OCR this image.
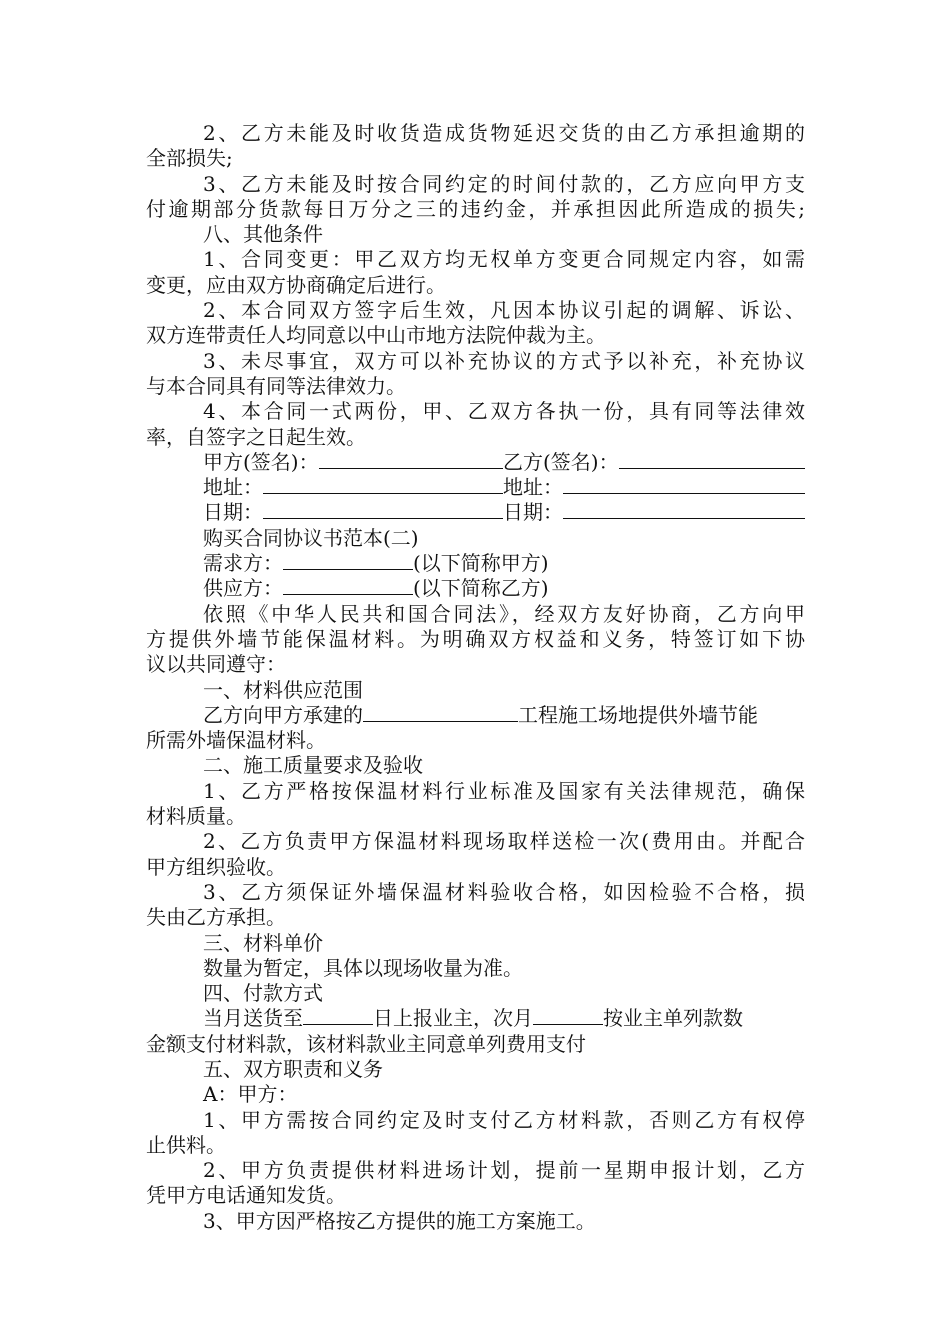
2、乙方未能及时收货造成货物延迟交货的由乙方承担逾期的
全部损失;
3、乙方未能及时按合同约定的时间付款的，乙方应向甲方支
付逾期部分货款每日万分之三的违约金，并承担因此所造成的损失;
八、其他条件
1、合同变更：甲乙双方均无权单方变更合同规定内容，如需
变更，应由双方协商确定后进行。
2、本合同双方签字后生效，凡因本协议引起的调解、诉讼、
双方连带责任人均同意以中山市地方法院仲裁为主。
3、未尽事宜，双方可以补充协议的方式予以补充，补充协议
与本合同具有同等法律效力。
4、本合同一式两份，甲、乙双方各执一份，具有同等法律效
率，自签字之日起生效。
甲方(签名)：	乙方(签名)：
地址：	地址：
日期：	日期：
购买合同协议书范本(二)
需求方：	(以下简称甲方)
供应方：	(以下简称乙方)
依照《中华人民共和国合同法》，经双方友好协商，乙方向甲
方提供外墙节能保温材料。为明确双方权益和义务，特签订如下协
议以共同遵守：
一、材料供应范围
乙方向甲方承建的	工程施工场地提供外墙节能
所需外墙保温材料。
二、施工质量要求及验收
1、乙方严格按保温材料行业标准及国家有关法律规范，确保
材料质量。
2、乙方负责甲方保温材料现场取样送检一次(费用由。并配合
甲方组织验收。
3、乙方须保证外墙保温材料验收合格，如因检验不合格，损
失由乙方承担。
三、材料单价
数量为暂定，具体以现场收量为准。
四、付款方式
当月送货至	日上报业主，次月	按业主单列款数
金额支付材料款，该材料款业主同意单列费用支付
五、双方职责和义务
A：甲方：
1、甲方需按合同约定及时支付乙方材料款，否则乙方有权停
止供料。
2、甲方负责提供材料进场计划，提前一星期申报计划，乙方
凭甲方电话通知发货。
3、甲方因严格按乙方提供的施工方案施工。
